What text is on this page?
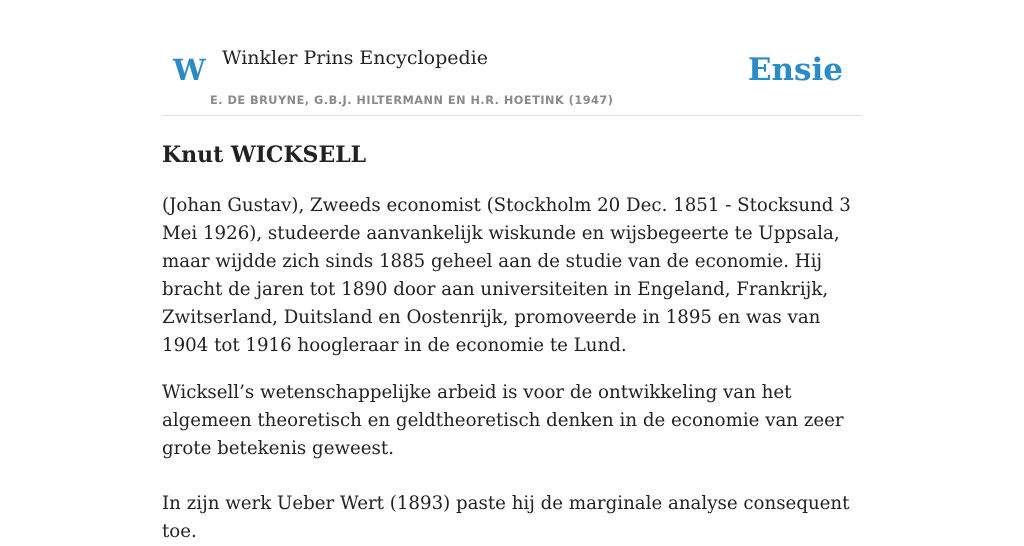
W Winkler Prins Encyclopedie
E. DE BRUYNE, G.B.J. HILTERMANN EN H.R. HOETINK (1947)
Ensie
Knut WICKSELL

(Johan Gustav), Zweeds economist (Stockholm 20 Dec. 1851 - Stocksund 3 Mei 1926), studeerde aanvankelijk wiskunde en wijsbegeerte te Uppsala, maar wijdde zich sinds 1885 geheel aan de studie van de economie. Hij bracht de jaren tot 1890 door aan universiteiten in Engeland, Frankrijk, Zwitserland, Duitsland en Oostenrijk, promoveerde in 1895 en was van 1904 tot 1916 hoogleraar in de economie te Lund.

Wicksell’s wetenschappelijke arbeid is voor de ontwikkeling van het algemeen theoretisch en geldtheoretisch denken in de economie van zeer grote betekenis geweest.

In zijn werk Ueber Wert (1893) paste hij de marginale analyse consequent toe.
